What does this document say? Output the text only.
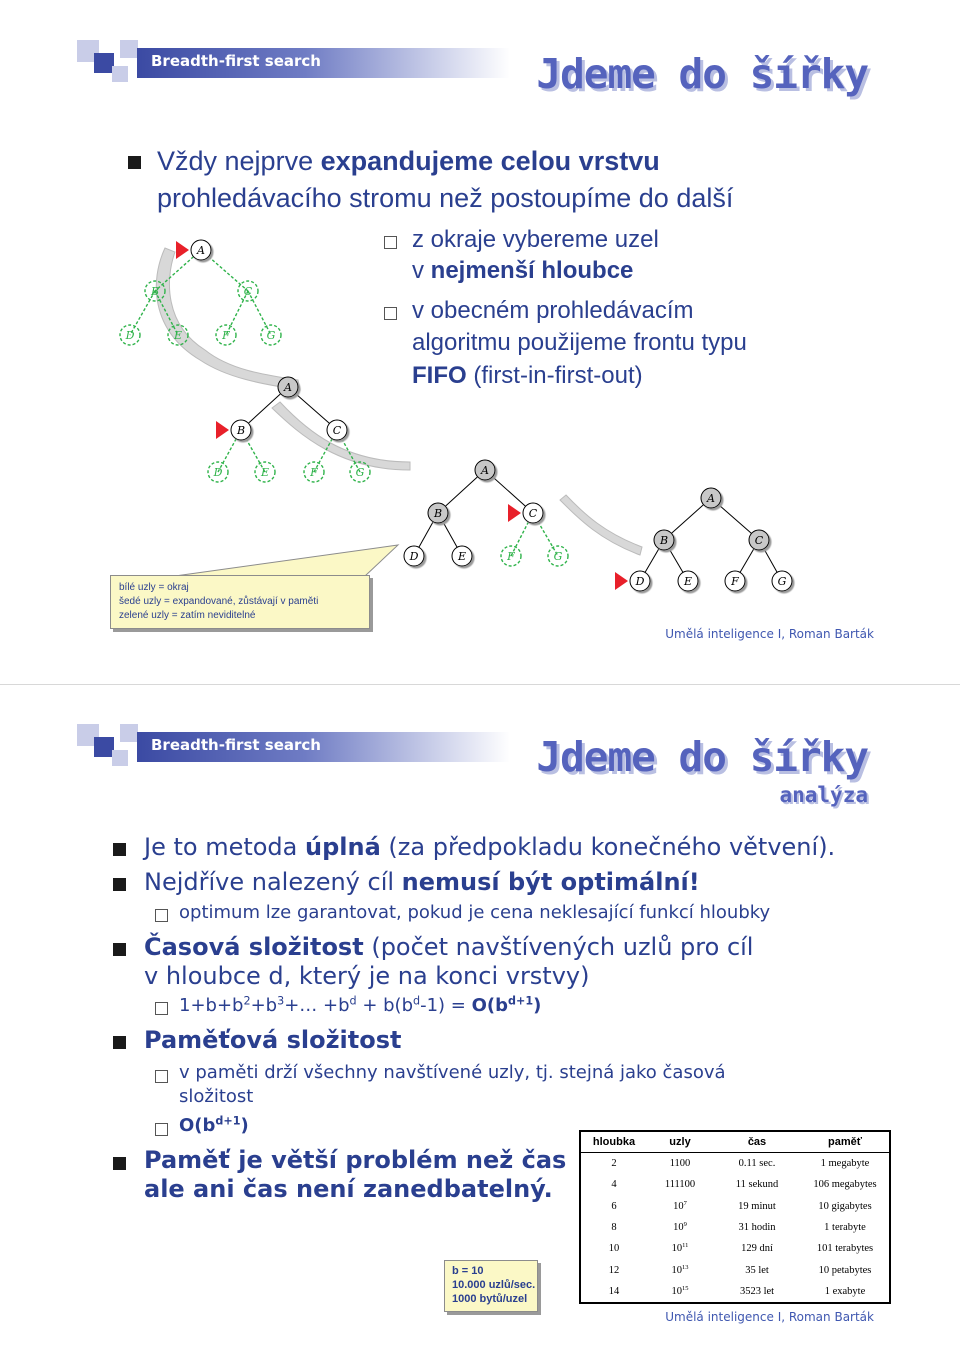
Breadth-first search	Jdeme do šířky
Vždy nejprve expandujeme celou vrstvu
prohledávacího stromu než postoupíme do další
z okraje vybereme uzel
v nejmenší hloubce
v obecném prohledávacím
algoritmu použijeme frontu typu
FIFO (first-in-first-out)
A
B	C
D	E	F	G
A
B	C
D	E	F	G	A
B	C
D	E	F	G
A
B	C
D	E	F	G
bílé uzly = okraj
šedé uzly = expandované, zůstávají v paměti
zelené uzly = zatím neviditelné
Umělá inteligence I, Roman Barták
Breadth-first search	Jdeme do šířky
analýza
Je to metoda úplná (za předpokladu konečného větvení).
Nejdříve nalezený cíl nemusí být optimální!
optimum lze garantovat, pokud je cena neklesající funkcí hloubky
Časová složitost (počet navštívených uzlů pro cíl
v hloubce d, který je na konci vrstvy)
$1+b+b^2+b^3+\dots +b^d + b(b^d-1) = O(b^{d+1})$
Paměťová složitost
v paměti drží všechny navštívené uzly, tj. stejná jako časová
složitost
$O(b^{d+1})$
Paměť je větší problém než čas
ale ani čas není zanedbatelný.
Umělá inteligence I, Roman Barták
hloubka	uzly	čas	paměť
2	1100	0.11 sec.	1 megabyte
4	111100	11 sekund	106 megabytes
6	$10^7$	19 minut	10 gigabytes
8	$10^9$	31 hodin	1 terabyte
10	$10^{11}$	129 dní	101 terabytes
12	$10^{13}$	35 let	10 petabytes
14	$10^{15}$	3523 let	1 exabyte
b = 10
10.000 uzlů/sec.
1000 bytů/uzel
